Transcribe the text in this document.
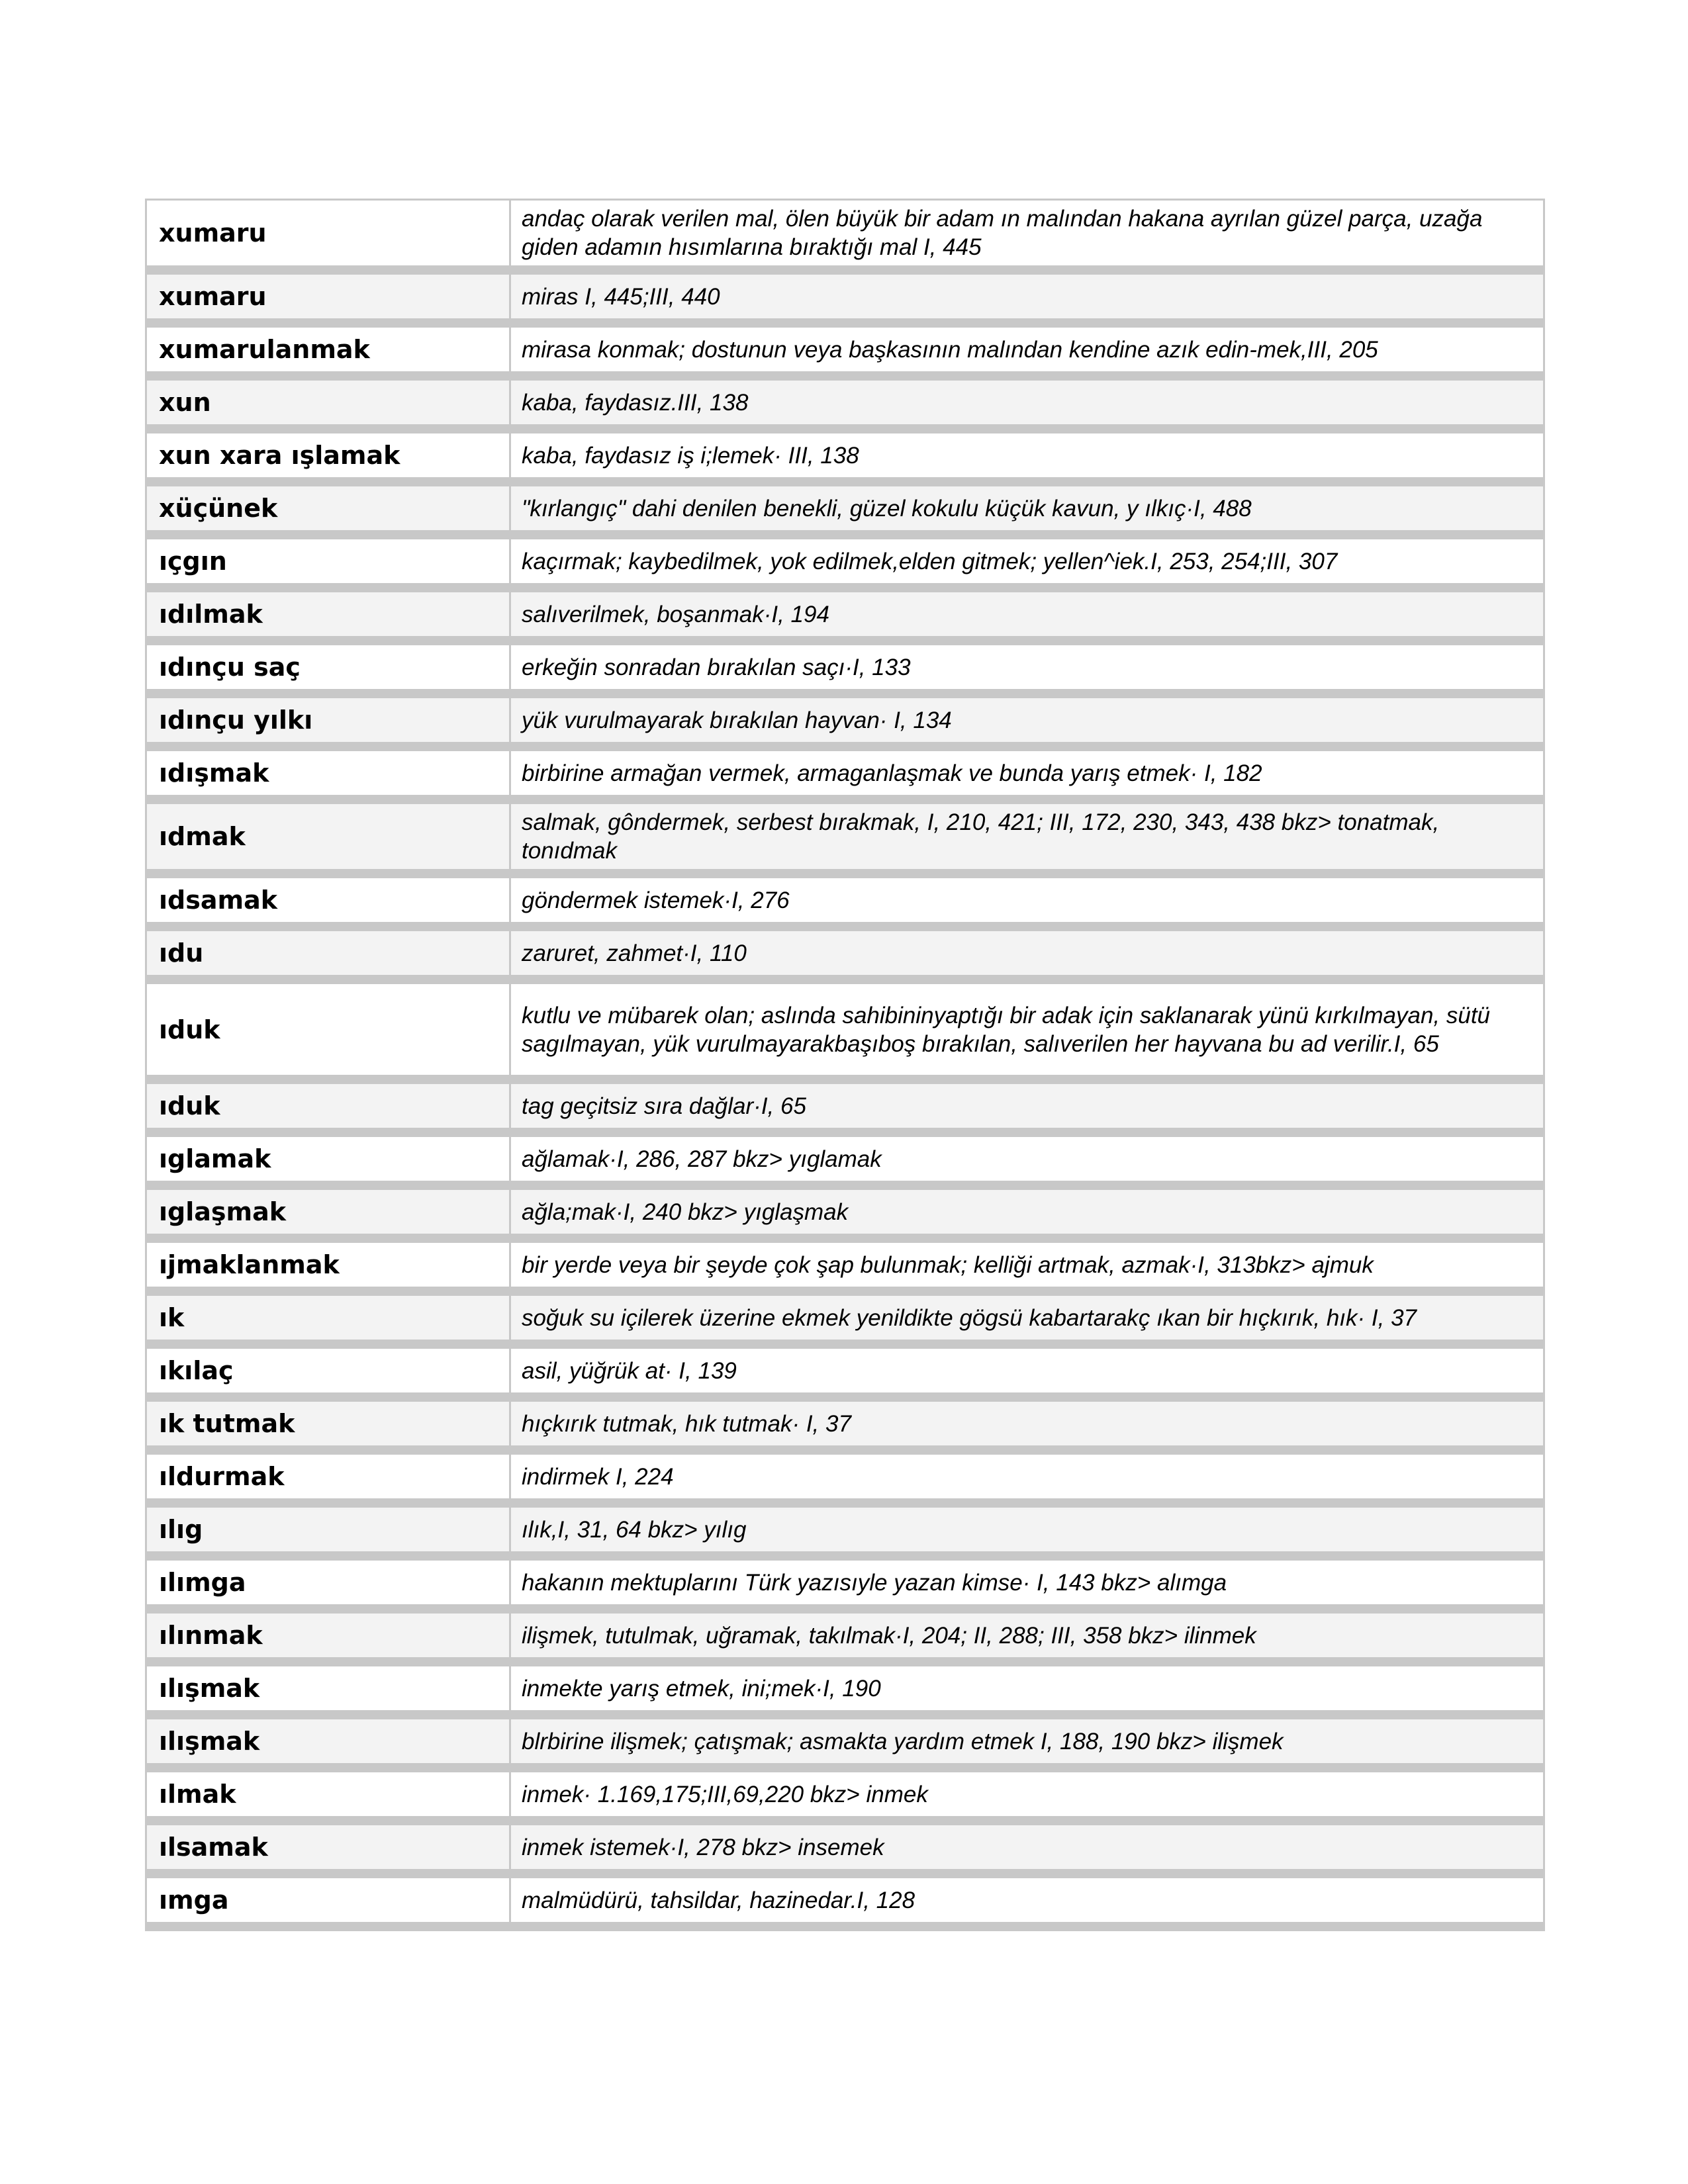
xumaru	andaç olarak verilen mal, ölen büyük bir adam ın malından hakana ayrılan güzel parça, uzağa giden adamın hısımlarına bıraktığı mal I, 445
xumaru	miras I, 445;III, 440
xumarulanmak	mirasa konmak; dostunun veya başkasının malından kendine azık edin-mek,III, 205
xun	kaba, faydasız.III, 138
xun xara ışlamak	kaba, faydasız iş i;lemek· III, 138
xüçünek	"kırlangıç" dahi denilen benekli, güzel kokulu küçük kavun, y ılkıç·I, 488
ıçgın	kaçırmak; kaybedilmek, yok edilmek,elden gitmek; yellen^iek.I, 253, 254;III, 307
ıdılmak	salıverilmek, boşanmak·I, 194
ıdınçu saç	erkeğin sonradan bırakılan saçı·I, 133
ıdınçu yılkı	yük vurulmayarak bırakılan hayvan· I, 134
ıdışmak	birbirine armağan vermek, armaganlaşmak ve bunda yarış etmek· I, 182
ıdmak	salmak, gôndermek, serbest bırakmak, I, 210, 421; III, 172, 230, 343, 438 bkz> tonatmak, tonıdmak
ıdsamak	göndermek istemek·I, 276
ıdu	zaruret, zahmet·I, 110
ıduk	kutlu ve mübarek olan; aslında sahibininyaptığı bir adak için saklanarak yünü kırkılmayan, sütü sagılmayan, yük vurulmayarakbaşıboş bırakılan, salıverilen her hayvana bu ad verilir.I, 65
ıduk	tag geçitsiz sıra dağlar·I, 65
ıglamak	ağlamak·I, 286, 287 bkz> yıglamak
ıglaşmak	ağla;mak·I, 240 bkz> yıglaşmak
ıjmaklanmak	bir yerde veya bir şeyde çok şap bulunmak; kelliği artmak, azmak·I, 313bkz> ajmuk
ık	soğuk su içilerek üzerine ekmek yenildikte gögsü kabartarakç ıkan bir hıçkırık, hık· I, 37
ıkılaç	asil, yüğrük at· I, 139
ık tutmak	hıçkırık tutmak, hık tutmak· I, 37
ıldurmak	indirmek I, 224
ılıg	ılık,I, 31, 64 bkz> yılıg
ılımga	hakanın mektuplarını Türk yazısıyle yazan kimse· I, 143 bkz> alımga
ılınmak	ilişmek, tutulmak, uğramak, takılmak·I, 204; II, 288; III, 358 bkz> ilinmek
ılışmak	inmekte yarış etmek, ini;mek·I, 190
ılışmak	blrbirine ilişmek; çatışmak; asmakta yardım etmek I, 188, 190 bkz> ilişmek
ılmak	inmek· 1.169,175;III,69,220 bkz> inmek
ılsamak	inmek istemek·I, 278 bkz> insemek
ımga	malmüdürü, tahsildar, hazinedar.I, 128
